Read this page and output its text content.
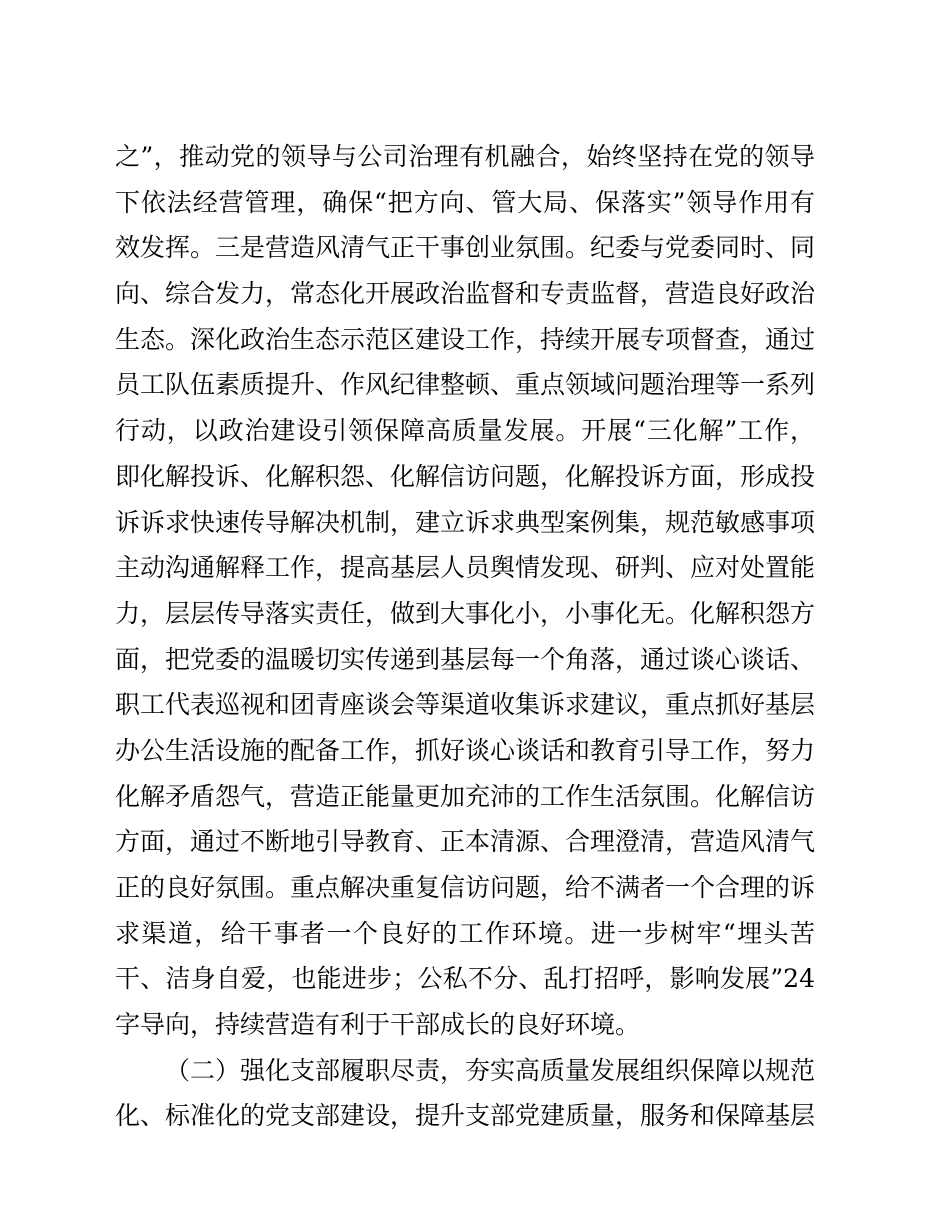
之”，推动党的领导与公司治理有机融合，始终坚持在党的领导
下依法经营管理，确保“把方向、管大局、保落实”领导作用有
效发挥。三是营造风清气正干事创业氛围。纪委与党委同时、同
向、综合发力，常态化开展政治监督和专责监督，营造良好政治
生态。深化政治生态示范区建设工作，持续开展专项督查，通过
员工队伍素质提升、作风纪律整顿、重点领域问题治理等一系列
行动，以政治建设引领保障高质量发展。开展“三化解”工作，
即化解投诉、化解积怨、化解信访问题，化解投诉方面，形成投
诉诉求快速传导解决机制，建立诉求典型案例集，规范敏感事项
主动沟通解释工作，提高基层人员舆情发现、研判、应对处置能
力，层层传导落实责任，做到大事化小，小事化无。化解积怨方
面，把党委的温暖切实传递到基层每一个角落，通过谈心谈话、
职工代表巡视和团青座谈会等渠道收集诉求建议，重点抓好基层
办公生活设施的配备工作，抓好谈心谈话和教育引导工作，努力
化解矛盾怨气，营造正能量更加充沛的工作生活氛围。化解信访
方面，通过不断地引导教育、正本清源、合理澄清，营造风清气
正的良好氛围。重点解决重复信访问题，给不满者一个合理的诉
求渠道，给干事者一个良好的工作环境。进一步树牢“埋头苦
干、洁身自爱，也能进步；公私不分、乱打招呼，影响发展”24
字导向，持续营造有利于干部成长的良好环境。
（二）强化支部履职尽责，夯实高质量发展组织保障以规范
化、标准化的党支部建设，提升支部党建质量，服务和保障基层
